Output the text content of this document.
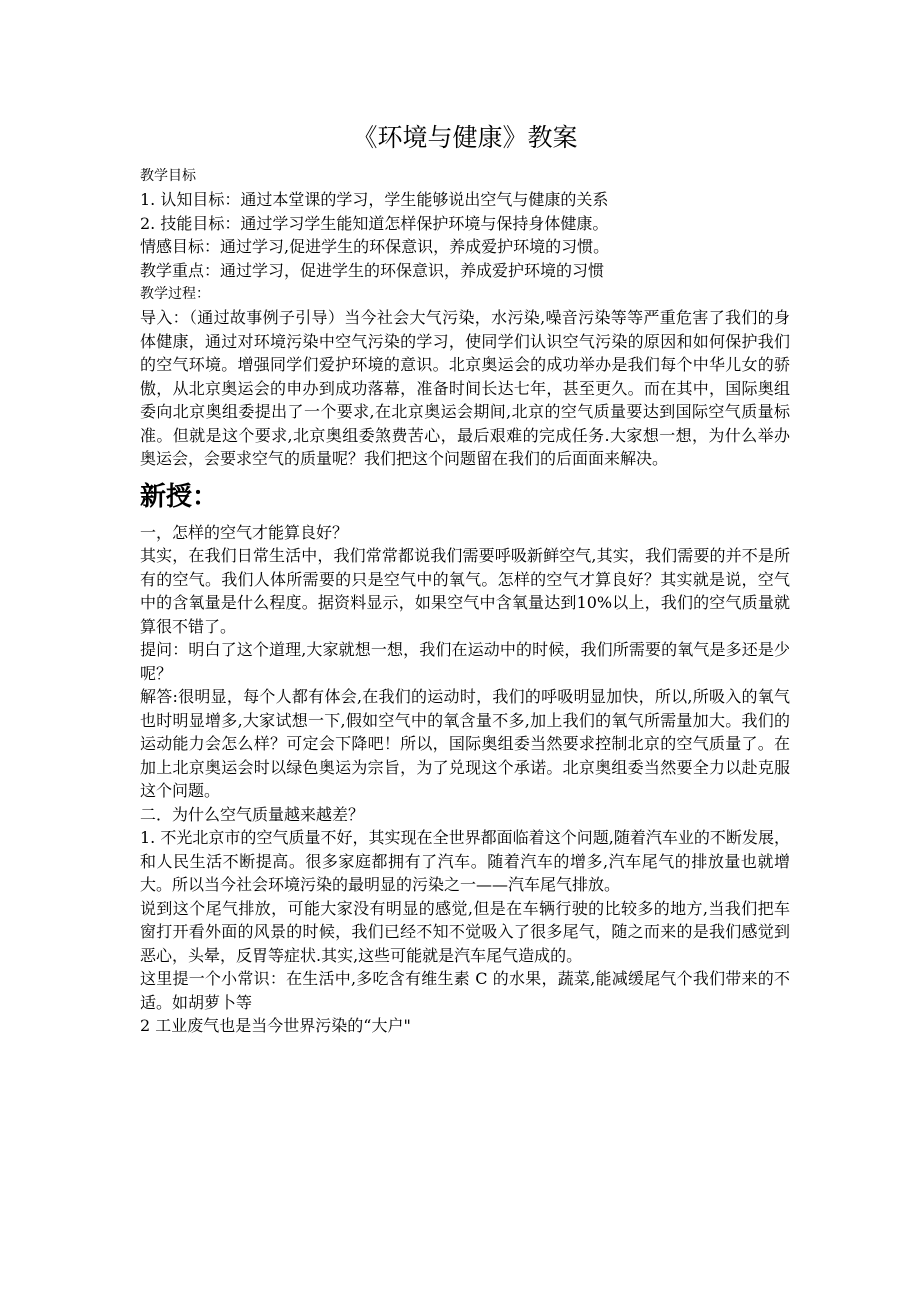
《环境与健康》教案
教学目标

1. 认知目标：通过本堂课的学习，学生能够说出空气与健康的关系

2. 技能目标：通过学习学生能知道怎样保护环境与保持身体健康。

情感目标：通过学习,促进学生的环保意识，养成爱护环境的习惯。

教学重点：通过学习，促进学生的环保意识，养成爱护环境的习惯

教学过程：

导入：（通过故事例子引导）当今社会大气污染，水污染,噪音污染等等严重危害了我们的身体健康，通过对环境污染中空气污染的学习，使同学们认识空气污染的原因和如何保护我们的空气环境。增强同学们爱护环境的意识。北京奥运会的成功举办是我们每个中华儿女的骄傲，从北京奥运会的申办到成功落幕，准备时间长达七年，甚至更久。而在其中，国际奥组委向北京奥组委提出了一个要求,在北京奥运会期间,北京的空气质量要达到国际空气质量标准。但就是这个要求,北京奥组委煞费苦心，最后艰难的完成任务.大家想一想，为什么举办奥运会，会要求空气的质量呢？我们把这个问题留在我们的后面面来解决。

新授：

一，怎样的空气才能算良好？

其实，在我们日常生活中，我们常常都说我们需要呼吸新鲜空气,其实，我们需要的并不是所有的空气。我们人体所需要的只是空气中的氧气。怎样的空气才算良好？其实就是说，空气中的含氧量是什么程度。据资料显示，如果空气中含氧量达到10%以上，我们的空气质量就算很不错了。

提问：明白了这个道理,大家就想一想，我们在运动中的时候，我们所需要的氧气是多还是少呢？

解答:很明显，每个人都有体会,在我们的运动时，我们的呼吸明显加快，所以,所吸入的氧气也时明显增多,大家试想一下,假如空气中的氧含量不多,加上我们的氧气所需量加大。我们的运动能力会怎么样？可定会下降吧！所以，国际奥组委当然要求控制北京的空气质量了。在加上北京奥运会时以绿色奥运为宗旨，为了兑现这个承诺。北京奥组委当然要全力以赴克服这个问题。

二．为什么空气质量越来越差？

1. 不光北京市的空气质量不好，其实现在全世界都面临着这个问题,随着汽车业的不断发展，和人民生活不断提高。很多家庭都拥有了汽车。随着汽车的增多,汽车尾气的排放量也就增大。所以当今社会环境污染的最明显的污染之一——汽车尾气排放。

说到这个尾气排放，可能大家没有明显的感觉,但是在车辆行驶的比较多的地方,当我们把车窗打开看外面的风景的时候，我们已经不知不觉吸入了很多尾气，随之而来的是我们感觉到恶心，头晕，反胃等症状.其实,这些可能就是汽车尾气造成的。

这里提一个小常识：在生活中,多吃含有维生素 C 的水果，蔬菜,能减缓尾气个我们带来的不适。如胡萝卜等

2 工业废气也是当今世界污染的“大户"
